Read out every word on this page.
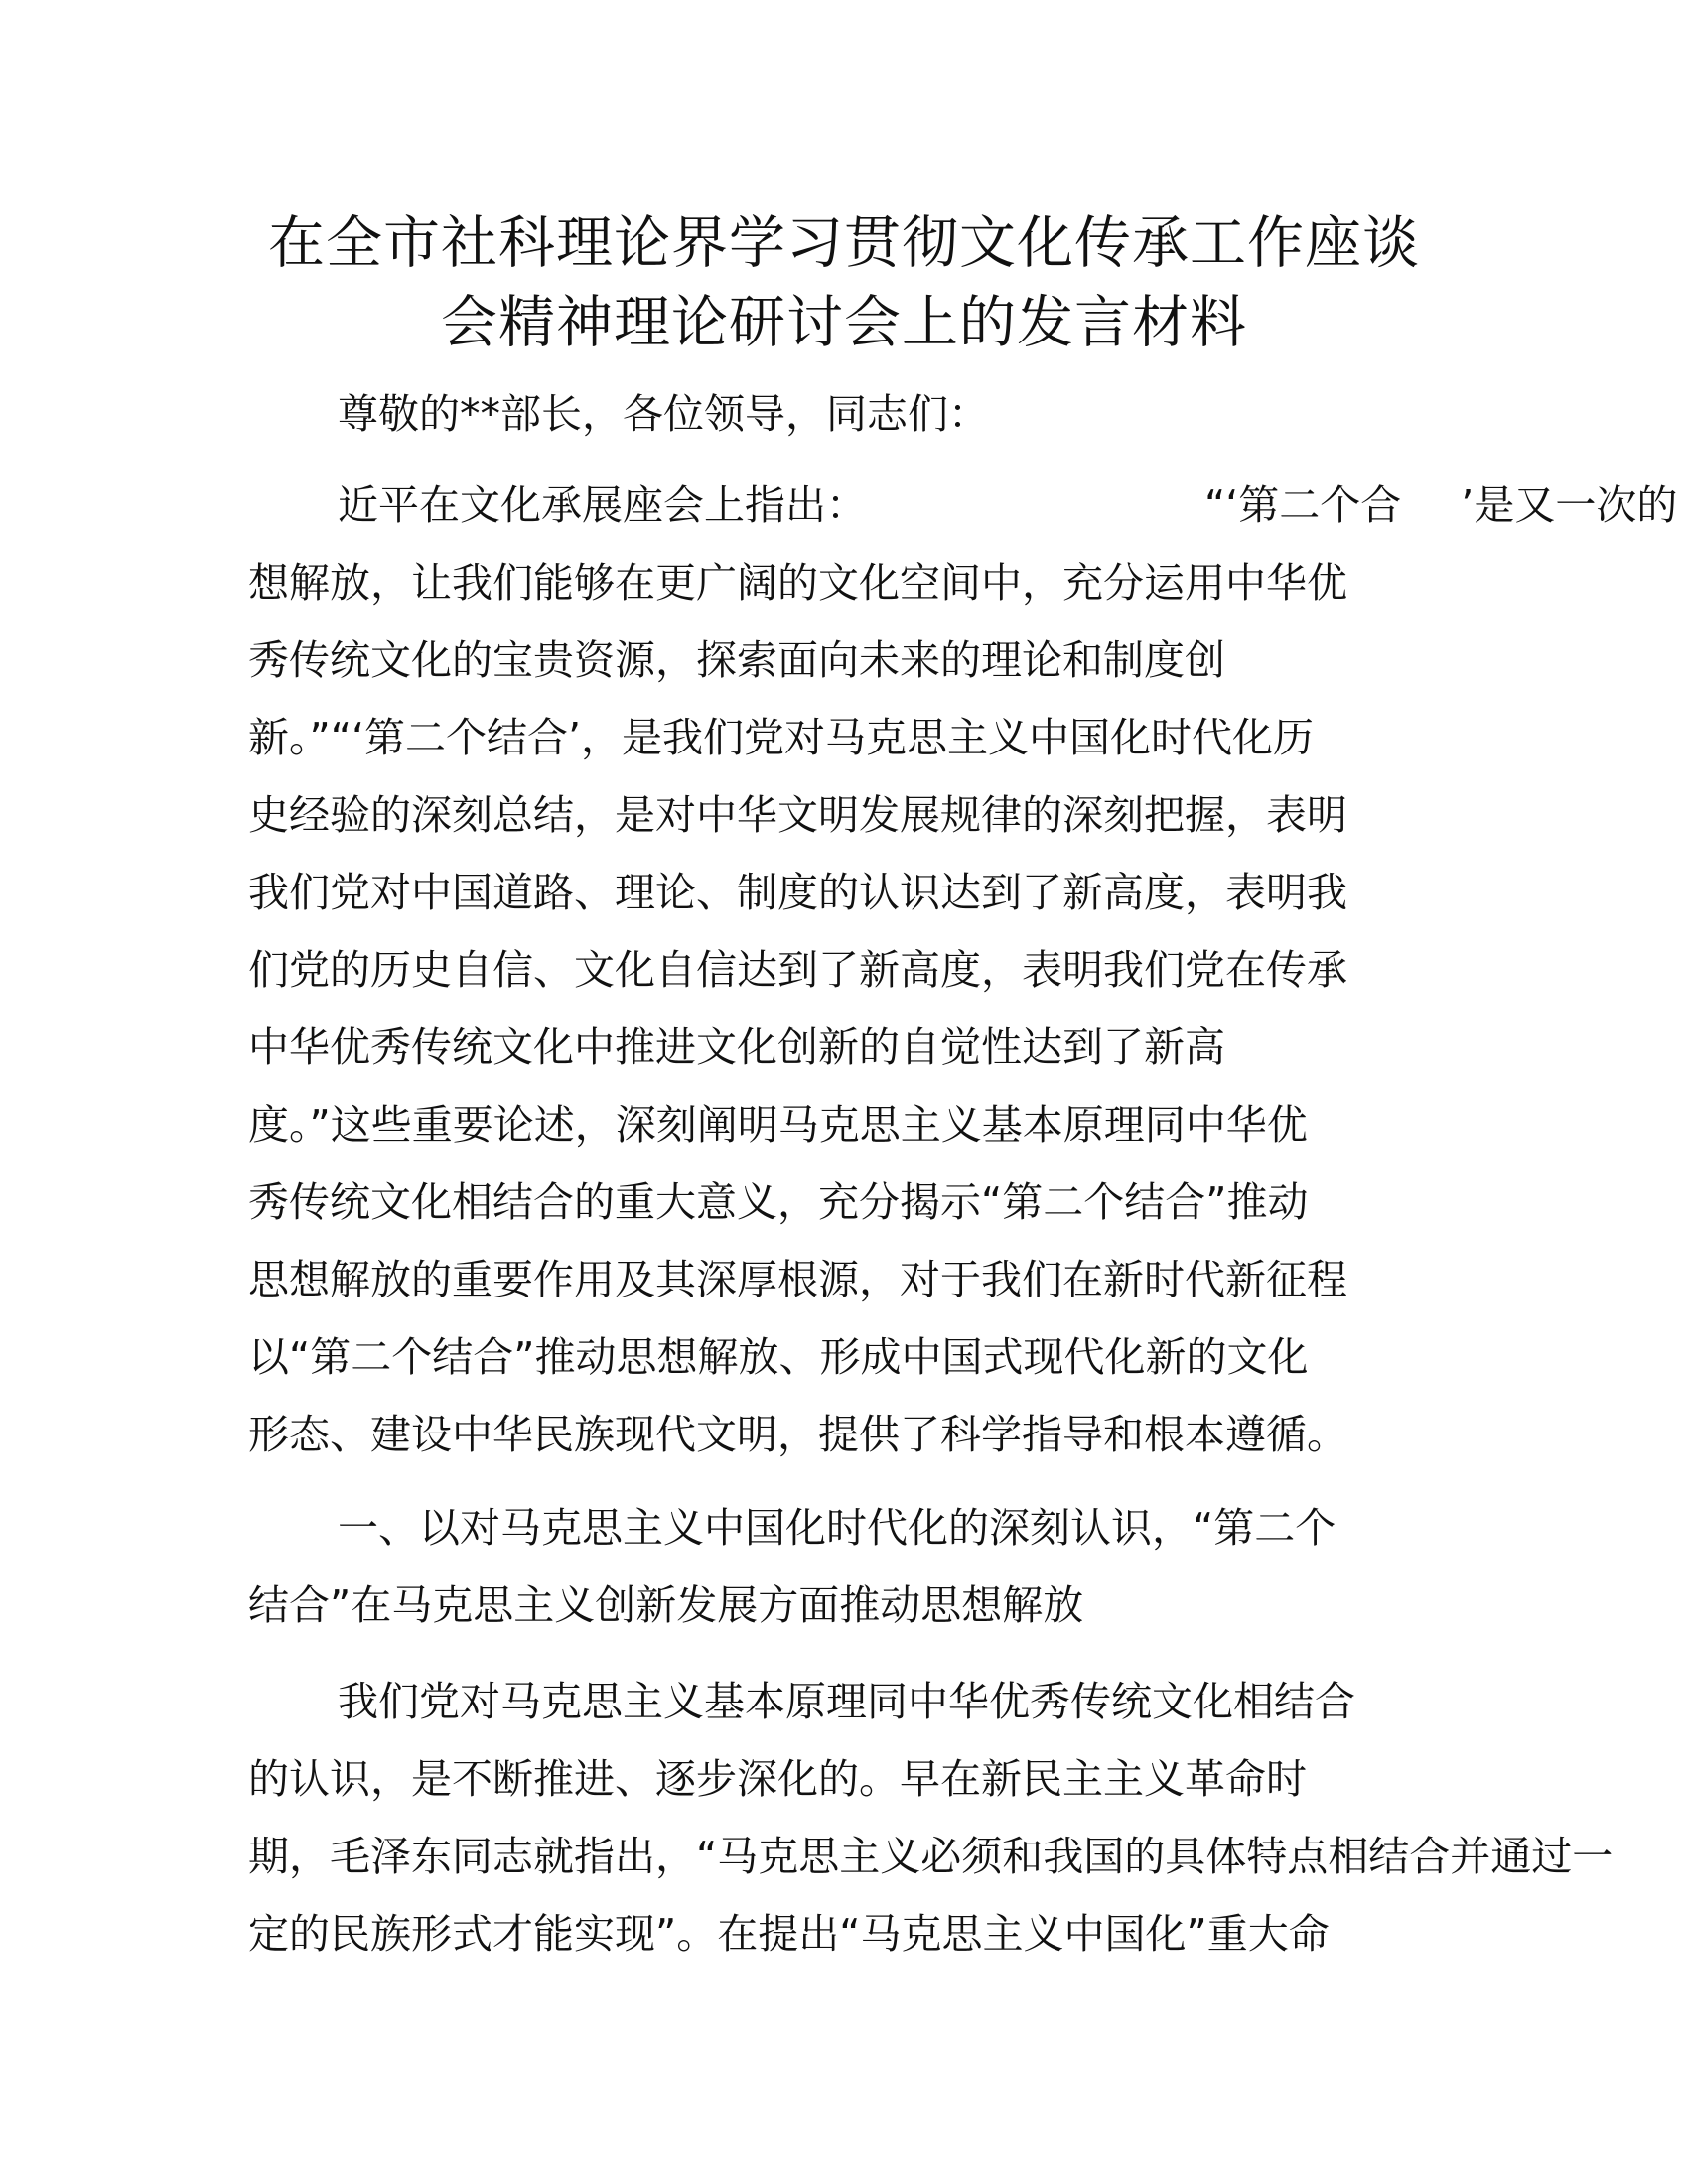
在全市社科理论界学习贯彻文化传承工作座谈
会精神理论研讨会上的发言材料
尊敬的**部长，各位领导，同志们：
近平在文化承展座会上指出：	“‘第二个合 ’是又一次的
想解放，让我们能够在更广阔的文化空间中，充分运用中华优
秀传统文化的宝贵资源，探索面向未来的理论和制度创
新。”“‘第二个结合’，是我们党对马克思主义中国化时代化历
史经验的深刻总结，是对中华文明发展规律的深刻把握，表明
我们党对中国道路、理论、制度的认识达到了新高度，表明我
们党的历史自信、文化自信达到了新高度，表明我们党在传承
中华优秀传统文化中推进文化创新的自觉性达到了新高
度。”这些重要论述，深刻阐明马克思主义基本原理同中华优
秀传统文化相结合的重大意义，充分揭示“第二个结合”推动
思想解放的重要作用及其深厚根源，对于我们在新时代新征程
以“第二个结合”推动思想解放、形成中国式现代化新的文化
形态、建设中华民族现代文明，提供了科学指导和根本遵循。
一、以对马克思主义中国化时代化的深刻认识，“第二个
结合”在马克思主义创新发展方面推动思想解放
我们党对马克思主义基本原理同中华优秀传统文化相结合
的认识，是不断推进、逐步深化的。早在新民主主义革命时
期，毛泽东同志就指出，“马克思主义必须和我国的具体特点相结合并通过一
定的民族形式才能实现”。在提出“马克思主义中国化”重大命
